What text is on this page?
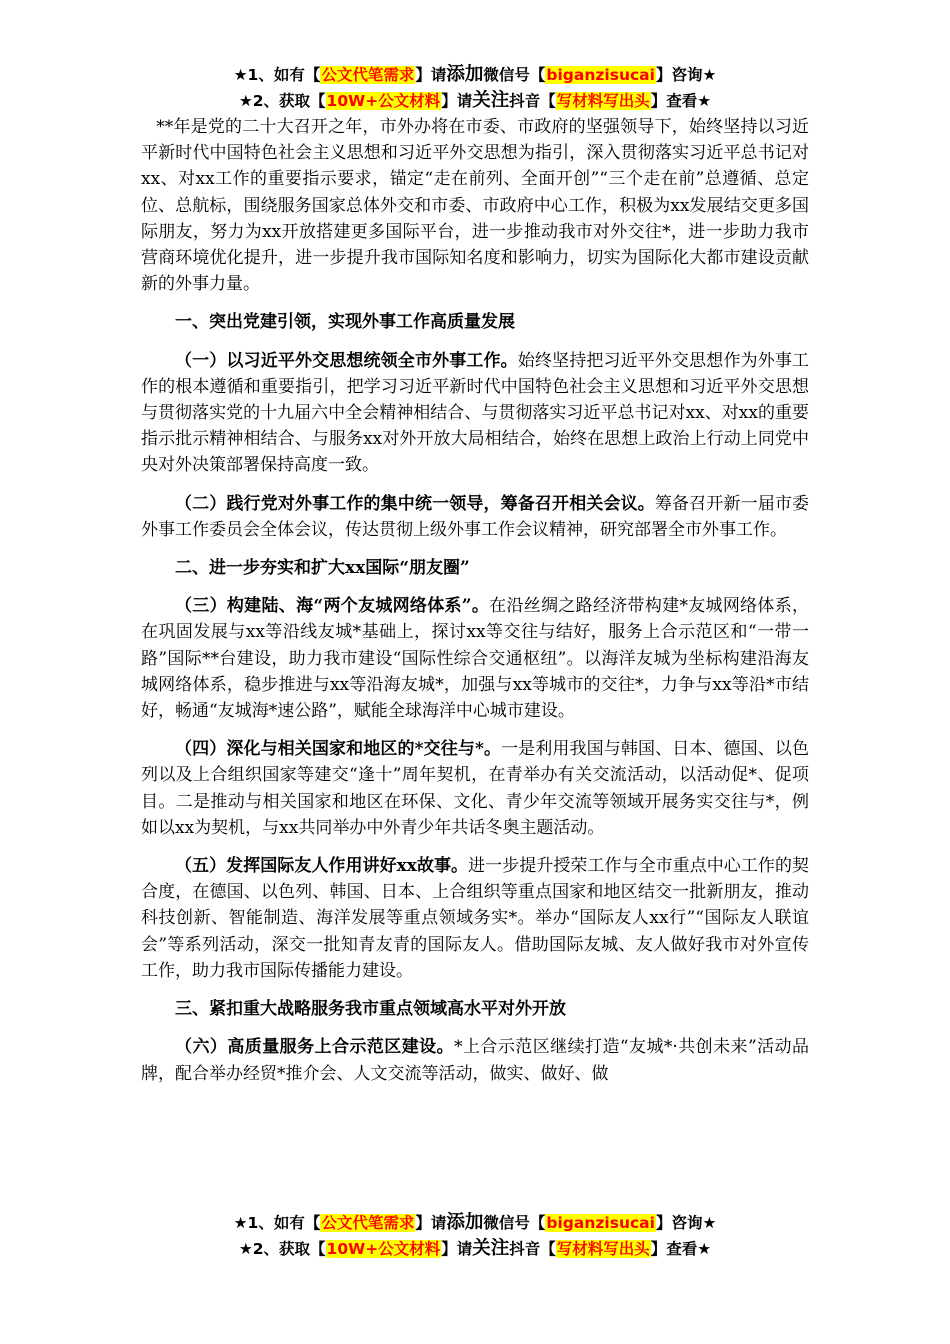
★1、如有【公文代笔需求】请添加微信号【biganzisucai】咨询★
★2、获取【10W+公文材料】请关注抖音【写材料写出头】查看★

**年是党的二十大召开之年，市外办将在市委、市政府的坚强领导下，始终坚持以习近平新时代中国特色社会主义思想和习近平外交思想为指引，深入贯彻落实习近平总书记对xx、对xx工作的重要指示要求，锚定“走在前列、全面开创”“三个走在前”总遵循、总定位、总航标，围绕服务国家总体外交和市委、市政府中心工作，积极为xx发展结交更多国际朋友，努力为xx开放搭建更多国际平台，进一步推动我市对外交往*，进一步助力我市营商环境优化提升，进一步提升我市国际知名度和影响力，切实为国际化大都市建设贡献新的外事力量。

一、突出党建引领，实现外事工作高质量发展

（一）以习近平外交思想统领全市外事工作。始终坚持把习近平外交思想作为外事工作的根本遵循和重要指引，把学习习近平新时代中国特色社会主义思想和习近平外交思想与贯彻落实党的十九届六中全会精神相结合、与贯彻落实习近平总书记对xx、对xx的重要指示批示精神相结合、与服务xx对外开放大局相结合，始终在思想上政治上行动上同党中央对外决策部署保持高度一致。

（二）践行党对外事工作的集中统一领导，筹备召开相关会议。筹备召开新一届市委外事工作委员会全体会议，传达贯彻上级外事工作会议精神，研究部署全市外事工作。

二、进一步夯实和扩大xx国际“朋友圈”

（三）构建陆、海“两个友城网络体系”。在沿丝绸之路经济带构建*友城网络体系，在巩固发展与xx等沿线友城*基础上，探讨xx等交往与结好，服务上合示范区和“一带一路”国际**台建设，助力我市建设“国际性综合交通枢纽”。以海洋友城为坐标构建沿海友城网络体系，稳步推进与xx等沿海友城*，加强与xx等城市的交往*，力争与xx等沿*市结好，畅通“友城海*速公路”，赋能全球海洋中心城市建设。

（四）深化与相关国家和地区的*交往与*。一是利用我国与韩国、日本、德国、以色列以及上合组织国家等建交“逢十”周年契机，在青举办有关交流活动，以活动促*、促项目。二是推动与相关国家和地区在环保、文化、青少年交流等领域开展务实交往与*，例如以xx为契机，与xx共同举办中外青少年共话冬奥主题活动。

（五）发挥国际友人作用讲好xx故事。进一步提升授荣工作与全市重点中心工作的契合度，在德国、以色列、韩国、日本、上合组织等重点国家和地区结交一批新朋友，推动科技创新、智能制造、海洋发展等重点领域务实*。举办“国际友人xx行”“国际友人联谊会”等系列活动，深交一批知青友青的国际友人。借助国际友城、友人做好我市对外宣传工作，助力我市国际传播能力建设。

三、紧扣重大战略服务我市重点领域高水平对外开放

（六）高质量服务上合示范区建设。*上合示范区继续打造“友城*·共创未来”活动品牌，配合举办经贸*推介会、人文交流等活动，做实、做好、做

★1、如有【公文代笔需求】请添加微信号【biganzisucai】咨询★
★2、获取【10W+公文材料】请关注抖音【写材料写出头】查看★
